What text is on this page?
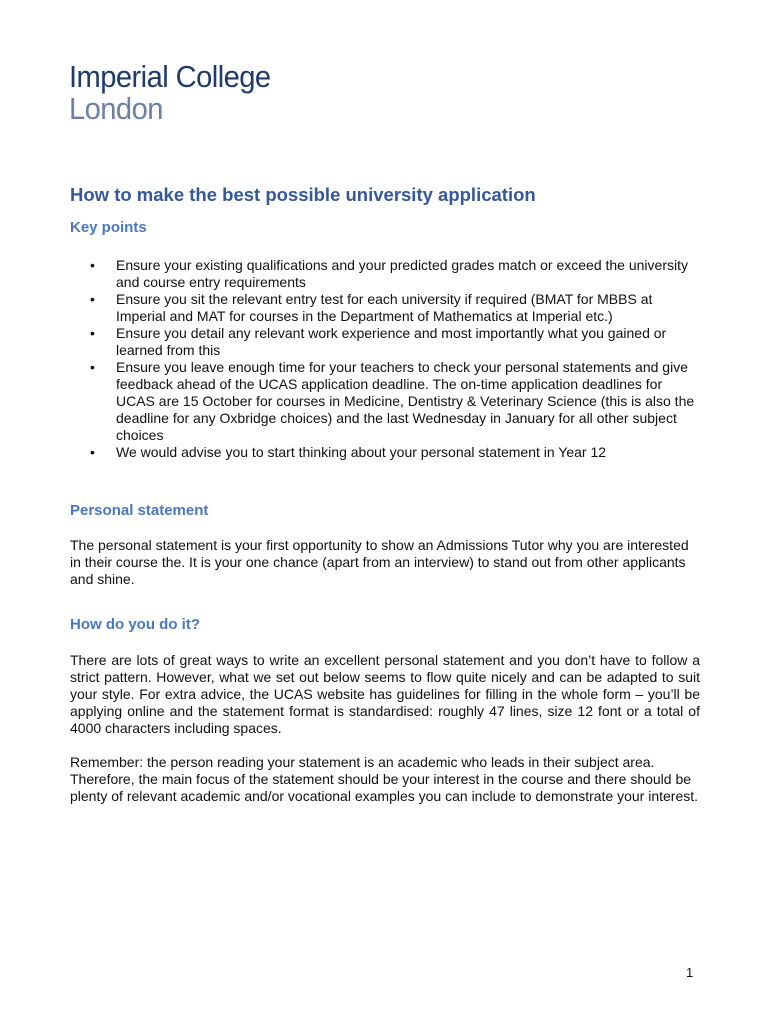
Imperial College
London
How to make the best possible university application
Key points
• Ensure your existing qualifications and your predicted grades match or exceed the university and course entry requirements
• Ensure you sit the relevant entry test for each university if required (BMAT for MBBS at Imperial and MAT for courses in the Department of Mathematics at Imperial etc.)
• Ensure you detail any relevant work experience and most importantly what you gained or learned from this
• Ensure you leave enough time for your teachers to check your personal statements and give feedback ahead of the UCAS application deadline. The on-time application deadlines for UCAS are 15 October for courses in Medicine, Dentistry & Veterinary Science (this is also the deadline for any Oxbridge choices) and the last Wednesday in January for all other subject choices
• We would advise you to start thinking about your personal statement in Year 12
Personal statement

The personal statement is your first opportunity to show an Admissions Tutor why you are interested in their course the. It is your one chance (apart from an interview) to stand out from other applicants and shine.

How do you do it?

There are lots of great ways to write an excellent personal statement and you don’t have to follow a strict pattern. However, what we set out below seems to flow quite nicely and can be adapted to suit your style. For extra advice, the UCAS website has guidelines for filling in the whole form – you’ll be applying online and the statement format is standardised: roughly 47 lines, size 12 font or a total of 4000 characters including spaces.

Remember: the person reading your statement is an academic who leads in their subject area. Therefore, the main focus of the statement should be your interest in the course and there should be plenty of relevant academic and/or vocational examples you can include to demonstrate your interest.

1
